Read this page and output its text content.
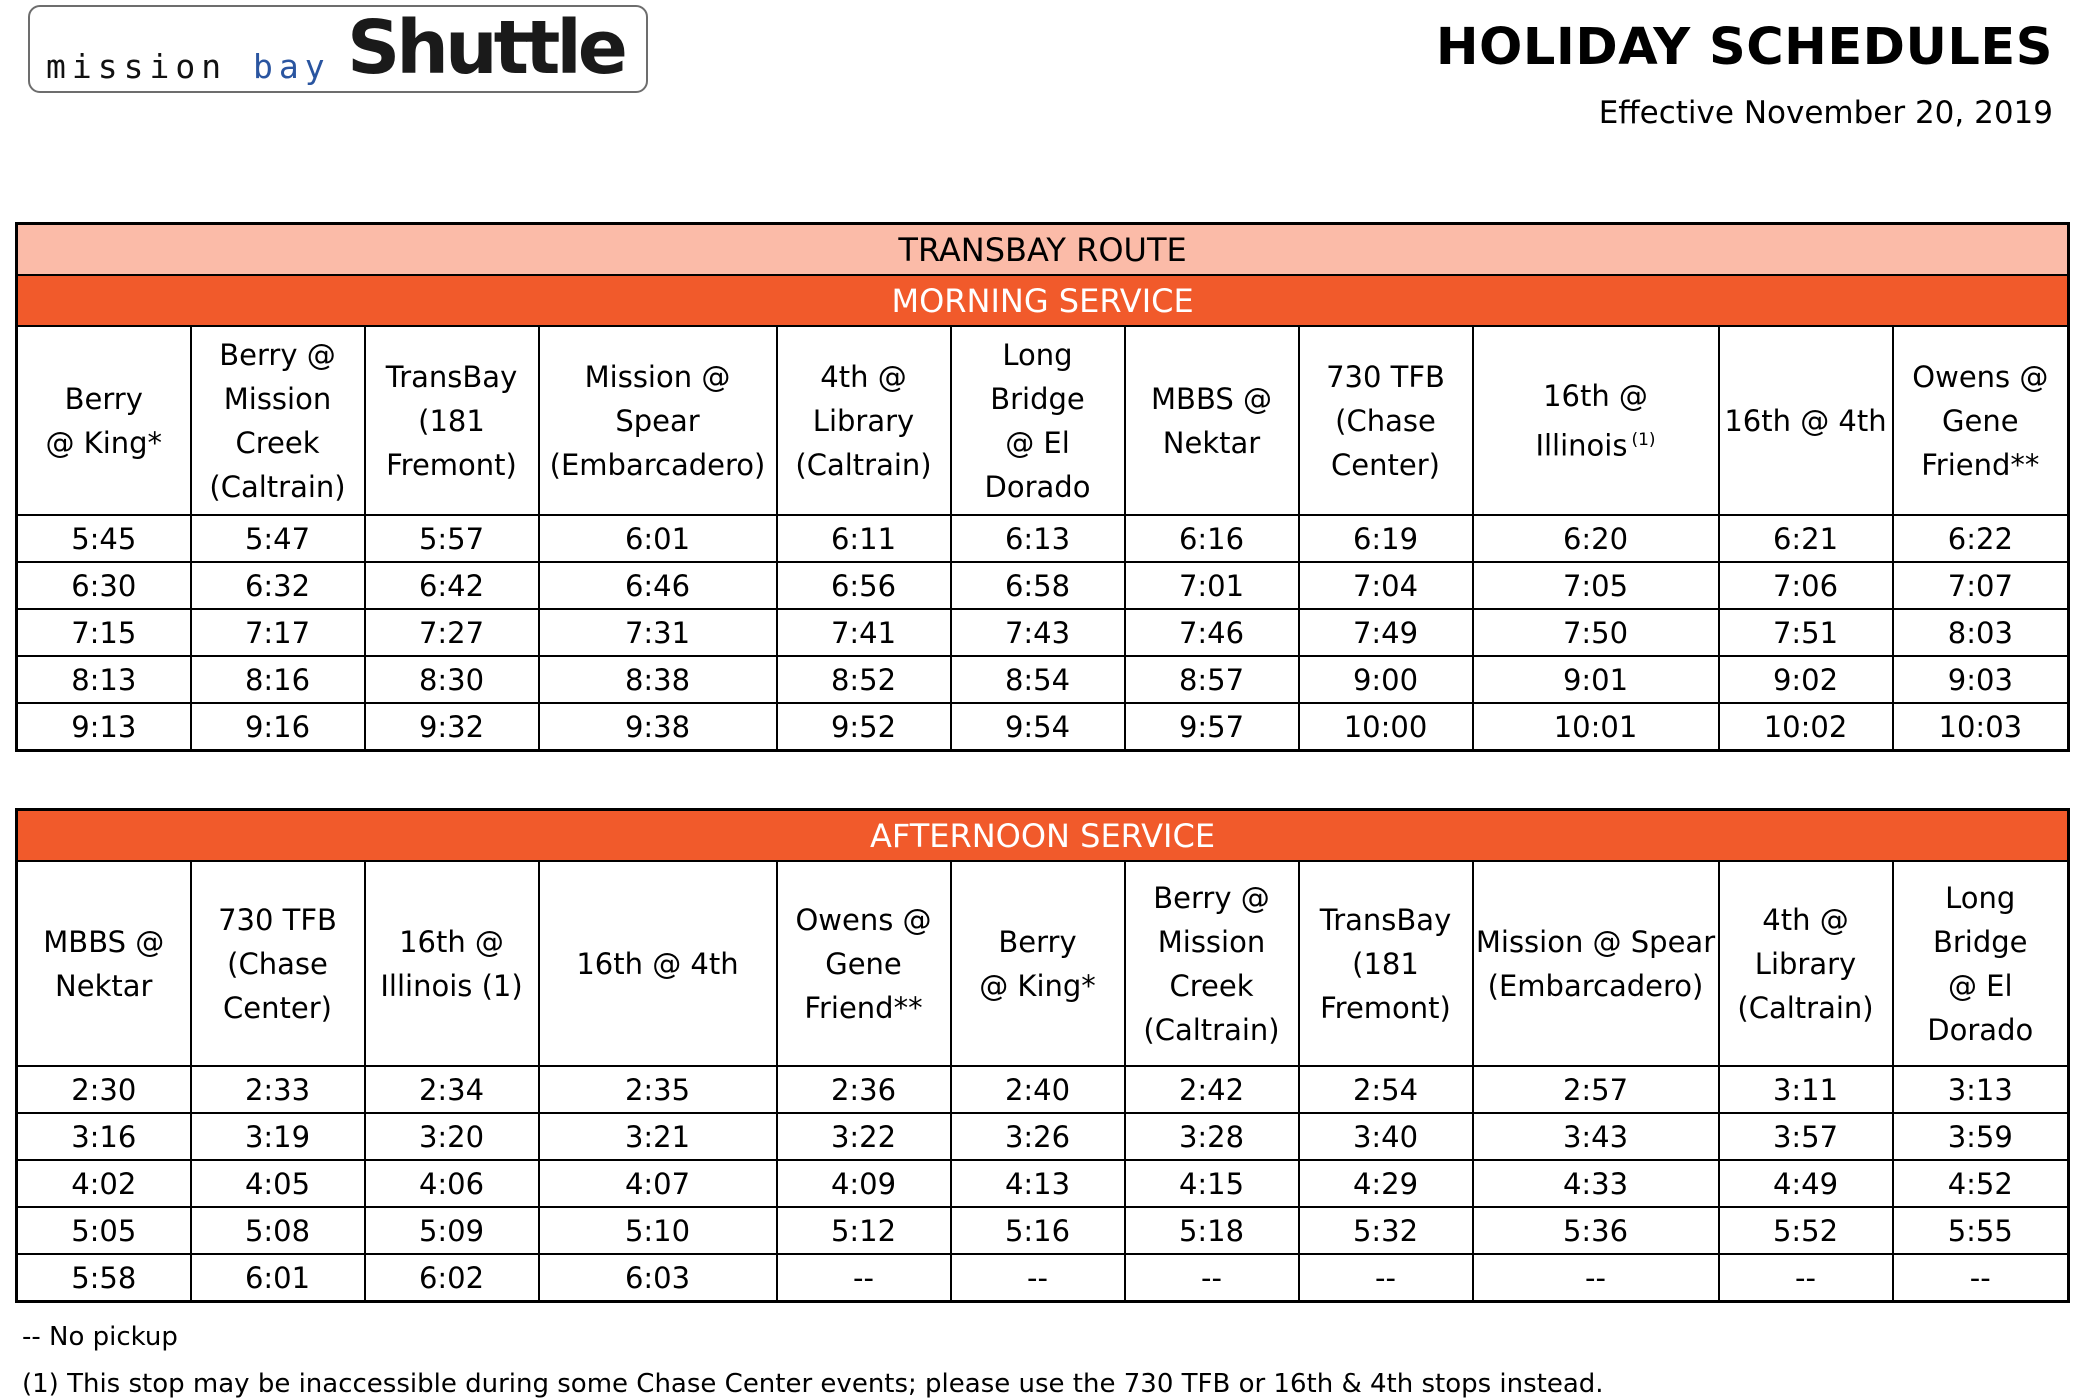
mission bay Shuttle	HOLIDAY SCHEDULES
Effective November 20, 2019
TRANSBAY ROUTE										
MORNING SERVICE										
Berry
@ King*	Berry @
Mission
Creek
(Caltrain)	TransBay
(181
Fremont)	Mission @
Spear
(Embarcadero)	4th @
Library
(Caltrain)	Long Bridge
@ El
Dorado	MBBS @
Nektar	730 TFB
(Chase
Center)	16th @
Illinois $^{(1)}$	16th @ 4th	Owens @
Gene
Friend**
5:45	5:47	5:57	6:01	6:11	6:13	6:16	6:19	6:20	6:21	6:22
6:30	6:32	6:42	6:46	6:56	6:58	7:01	7:04	7:05	7:06	7:07
7:15	7:17	7:27	7:31	7:41	7:43	7:46	7:49	7:50	7:51	8:03
8:13	8:16	8:30	8:38	8:52	8:54	8:57	9:00	9:01	9:02	9:03
9:13	9:16	9:32	9:38	9:52	9:54	9:57	10:00	10:01	10:02	10:03
AFTERNOON SERVICE										
MBBS @
Nektar	730 TFB
(Chase
Center)	16th @
Illinois (1)	16th @ 4th	Owens @
Gene
Friend**	Berry
@ King*	Berry @
Mission
Creek
(Caltrain)	TransBay
(181
Fremont)	Mission @ Spear
(Embarcadero)	4th @
Library
(Caltrain)	Long Bridge
@ El
Dorado
2:30	2:33	2:34	2:35	2:36	2:40	2:42	2:54	2:57	3:11	3:13
3:16	3:19	3:20	3:21	3:22	3:26	3:28	3:40	3:43	3:57	3:59
4:02	4:05	4:06	4:07	4:09	4:13	4:15	4:29	4:33	4:49	4:52
5:05	5:08	5:09	5:10	5:12	5:16	5:18	5:32	5:36	5:52	5:55
5:58	6:01	6:02	6:03	--	--	--	--	--	--	--
-- No pickup
(1) This stop may be inaccessible during some Chase Center events; please use the 730 TFB or 16th & 4th stops instead.
